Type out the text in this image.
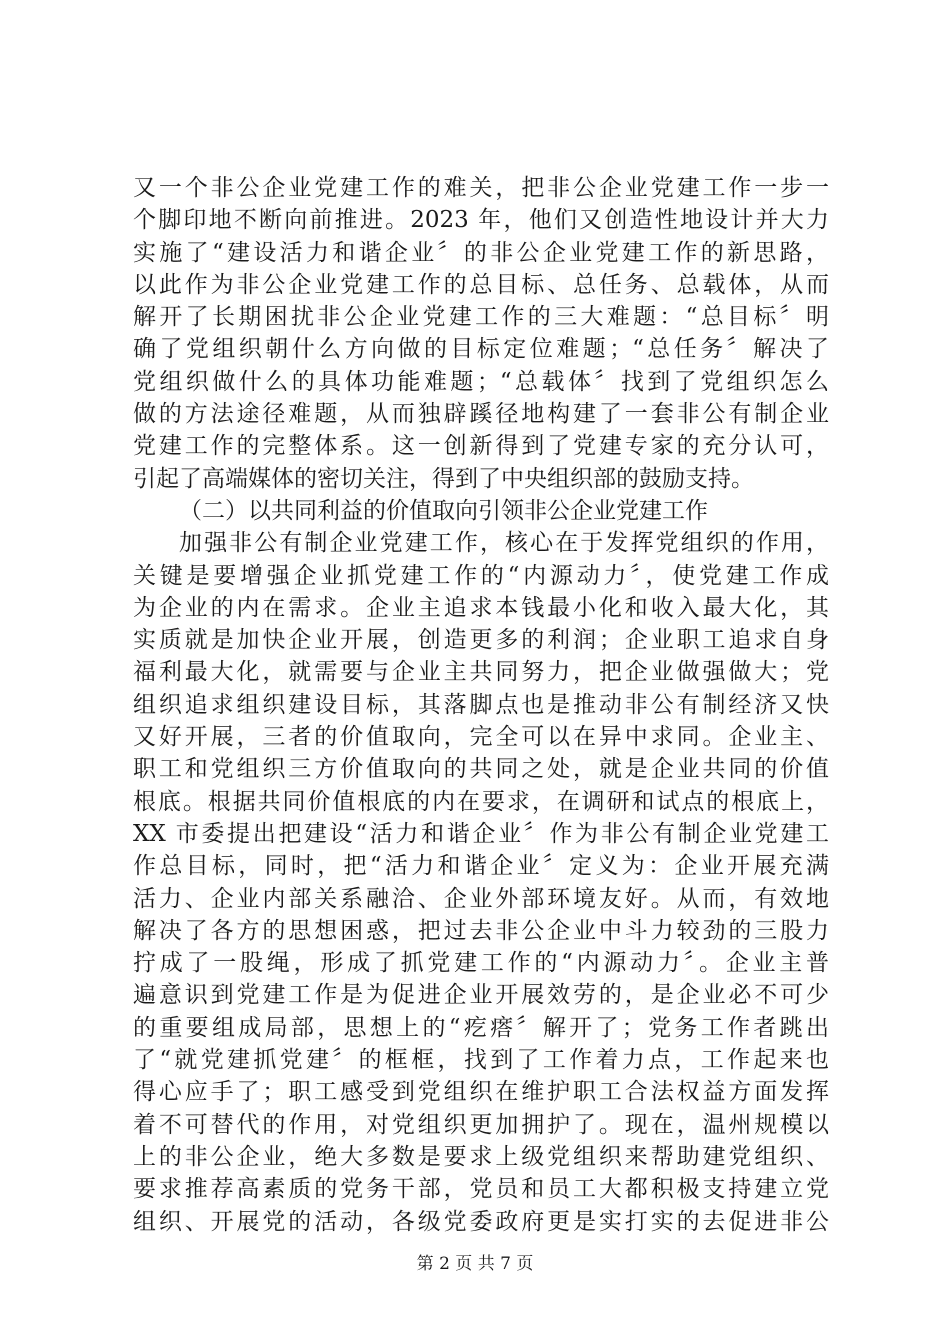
又一个非公企业党建工作的难关，把非公企业党建工作一步一
个脚印地不断向前推进。2023 年，他们又创造性地设计并大力
实施了“建设活力和谐企业〞的非公企业党建工作的新思路，
以此作为非公企业党建工作的总目标、总任务、总载体，从而
解开了长期困扰非公企业党建工作的三大难题：“总目标〞明
确了党组织朝什么方向做的目标定位难题；“总任务〞解决了
党组织做什么的具体功能难题；“总载体〞找到了党组织怎么
做的方法途径难题，从而独辟蹊径地构建了一套非公有制企业
党建工作的完整体系。这一创新得到了党建专家的充分认可，
引起了高端媒体的密切关注，得到了中央组织部的鼓励支持。
（二）以共同利益的价值取向引领非公企业党建工作
加强非公有制企业党建工作，核心在于发挥党组织的作用，
关键是要增强企业抓党建工作的“内源动力〞，使党建工作成
为企业的内在需求。企业主追求本钱最小化和收入最大化，其
实质就是加快企业开展，创造更多的利润；企业职工追求自身
福利最大化，就需要与企业主共同努力，把企业做强做大；党
组织追求组织建设目标，其落脚点也是推动非公有制经济又快
又好开展，三者的价值取向，完全可以在异中求同。企业主、
职工和党组织三方价值取向的共同之处，就是企业共同的价值
根底。根据共同价值根底的内在要求，在调研和试点的根底上，
XX 市委提出把建设“活力和谐企业〞作为非公有制企业党建工
作总目标，同时，把“活力和谐企业〞定义为：企业开展充满
活力、企业内部关系融洽、企业外部环境友好。从而，有效地
解决了各方的思想困惑，把过去非公企业中斗力较劲的三股力
拧成了一股绳，形成了抓党建工作的“内源动力〞。企业主普
遍意识到党建工作是为促进企业开展效劳的，是企业必不可少
的重要组成局部，思想上的“疙瘩〞解开了；党务工作者跳出
了“就党建抓党建〞的框框，找到了工作着力点，工作起来也
得心应手了；职工感受到党组织在维护职工合法权益方面发挥
着不可替代的作用，对党组织更加拥护了。现在，温州规模以
上的非公企业，绝大多数是要求上级党组织来帮助建党组织、
要求推荐高素质的党务干部，党员和员工大都积极支持建立党
组织、开展党的活动，各级党委政府更是实打实的去促进非公
第 2 页 共 7 页
